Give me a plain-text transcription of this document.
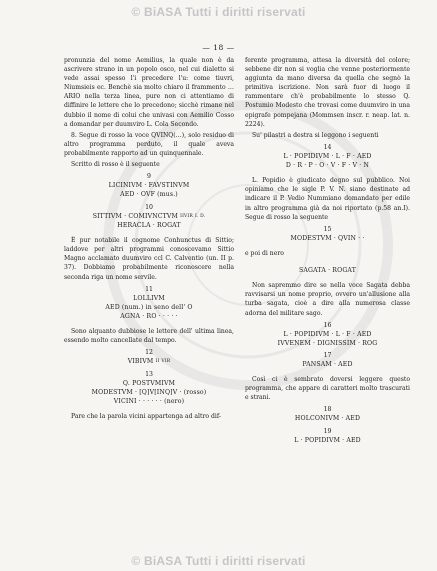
© BiASA Tutti i diritti riservati
— 18 —

pronunzia del nome Aemilius, la quale non è da ascrivere strano in un popolo osco, nel cui dialetto si vede assai spesso l'i precedere l'u: come tiuvri, Niumsieis ec. Benchè sia molto chiaro il frammento … ARIO nella terza linea, pure non ci attentiamo di diffinire le lettere che lo precedono; sicchè rimane nel dubbio il nome di colui che univasi con Aemilio Cosso a domandar per duumviro L. Cola Secondo.

8. Segue di rosso la voce QVINQ(…), solo residuo di altro programma perduto, il quale aveva probabilmente rapporto ad un quinquennale.

Scritto di rosso è il seguente

9
LICINIVM · FAVSTINVM
AED · OVF (mus.)
10
SITTIVM · COMIVNCTVM IIVIR I. D.
HERACLA · ROGAT

È pur notabile il cognome Conhunctus di Sittio; laddove per altri programmi conoscevamo Sittio Magno acclamato duumviro ccl C. Calventio (un. II p. 37). Dobbiamo probabilmente riconoscere nella seconda riga un nome servile.

11
LOLLIVM
AED (num.) in seno dell' O
AGNA · RO · · · · ·

Sono alquanto dubbiose le lettere dell' ultima linea, essendo molto cancellate dal tempo.

12
VIBIVM II VIR
13
Q. POSTVMIVM
MODESTVM · [Q]V[INQ]V · (rosso)
VICINI · · · · · · (nero)

Pare che la parola vicini appartenga ad altro dif-

ferente programma, attesa la diversità del colore; sebbene dir non si voglia che venne posteriormente aggiunta da mano diversa da quella che segnò la primitiva iscrizione. Non sarà fuor di luogo il rammentare ch'è probabilmente lo stesso Q. Postumio Modesto che trovasi come duumviro in una epigrafe pompejana (Mommsen inscr. r. neap. lat. n. 2224).

Su' pilastri a destra si leggono i seguenti

14
L · POPIDIVM · L · F · AED
D · R · P · O · V · F · V · N

L. Popidio è giudicato degno sul pubblico. Noi opiniamo che le sigle P. V. N. siano destinate ad indicare il P. Vedio Nummiano domandato per edile in altro programma già da noi riportato (p.58 an.I). Segue di rosso la seguente

15
MODESTVM · QVIN · ·

e poi di nero

SAGATA · ROGAT

Non sapremmo dire se nella voce Sagata debba ravvisarsi un nome proprio, ovvero un'allusione alla turba sagata, cioè a dire alla numerosa classe adorna del militare sago.

16
L · POPIDIVM · L · F · AED
IVVENEM · DIGNISSIM · ROG
17
PANSAM · AED

Così ci è sembrato doversi leggere questo programma, che appare di caratteri molto trascurati e strani.

18
HOLCONIVM · AED
19
L · POPIDIVM · AED
© BiASA Tutti i diritti riservati
